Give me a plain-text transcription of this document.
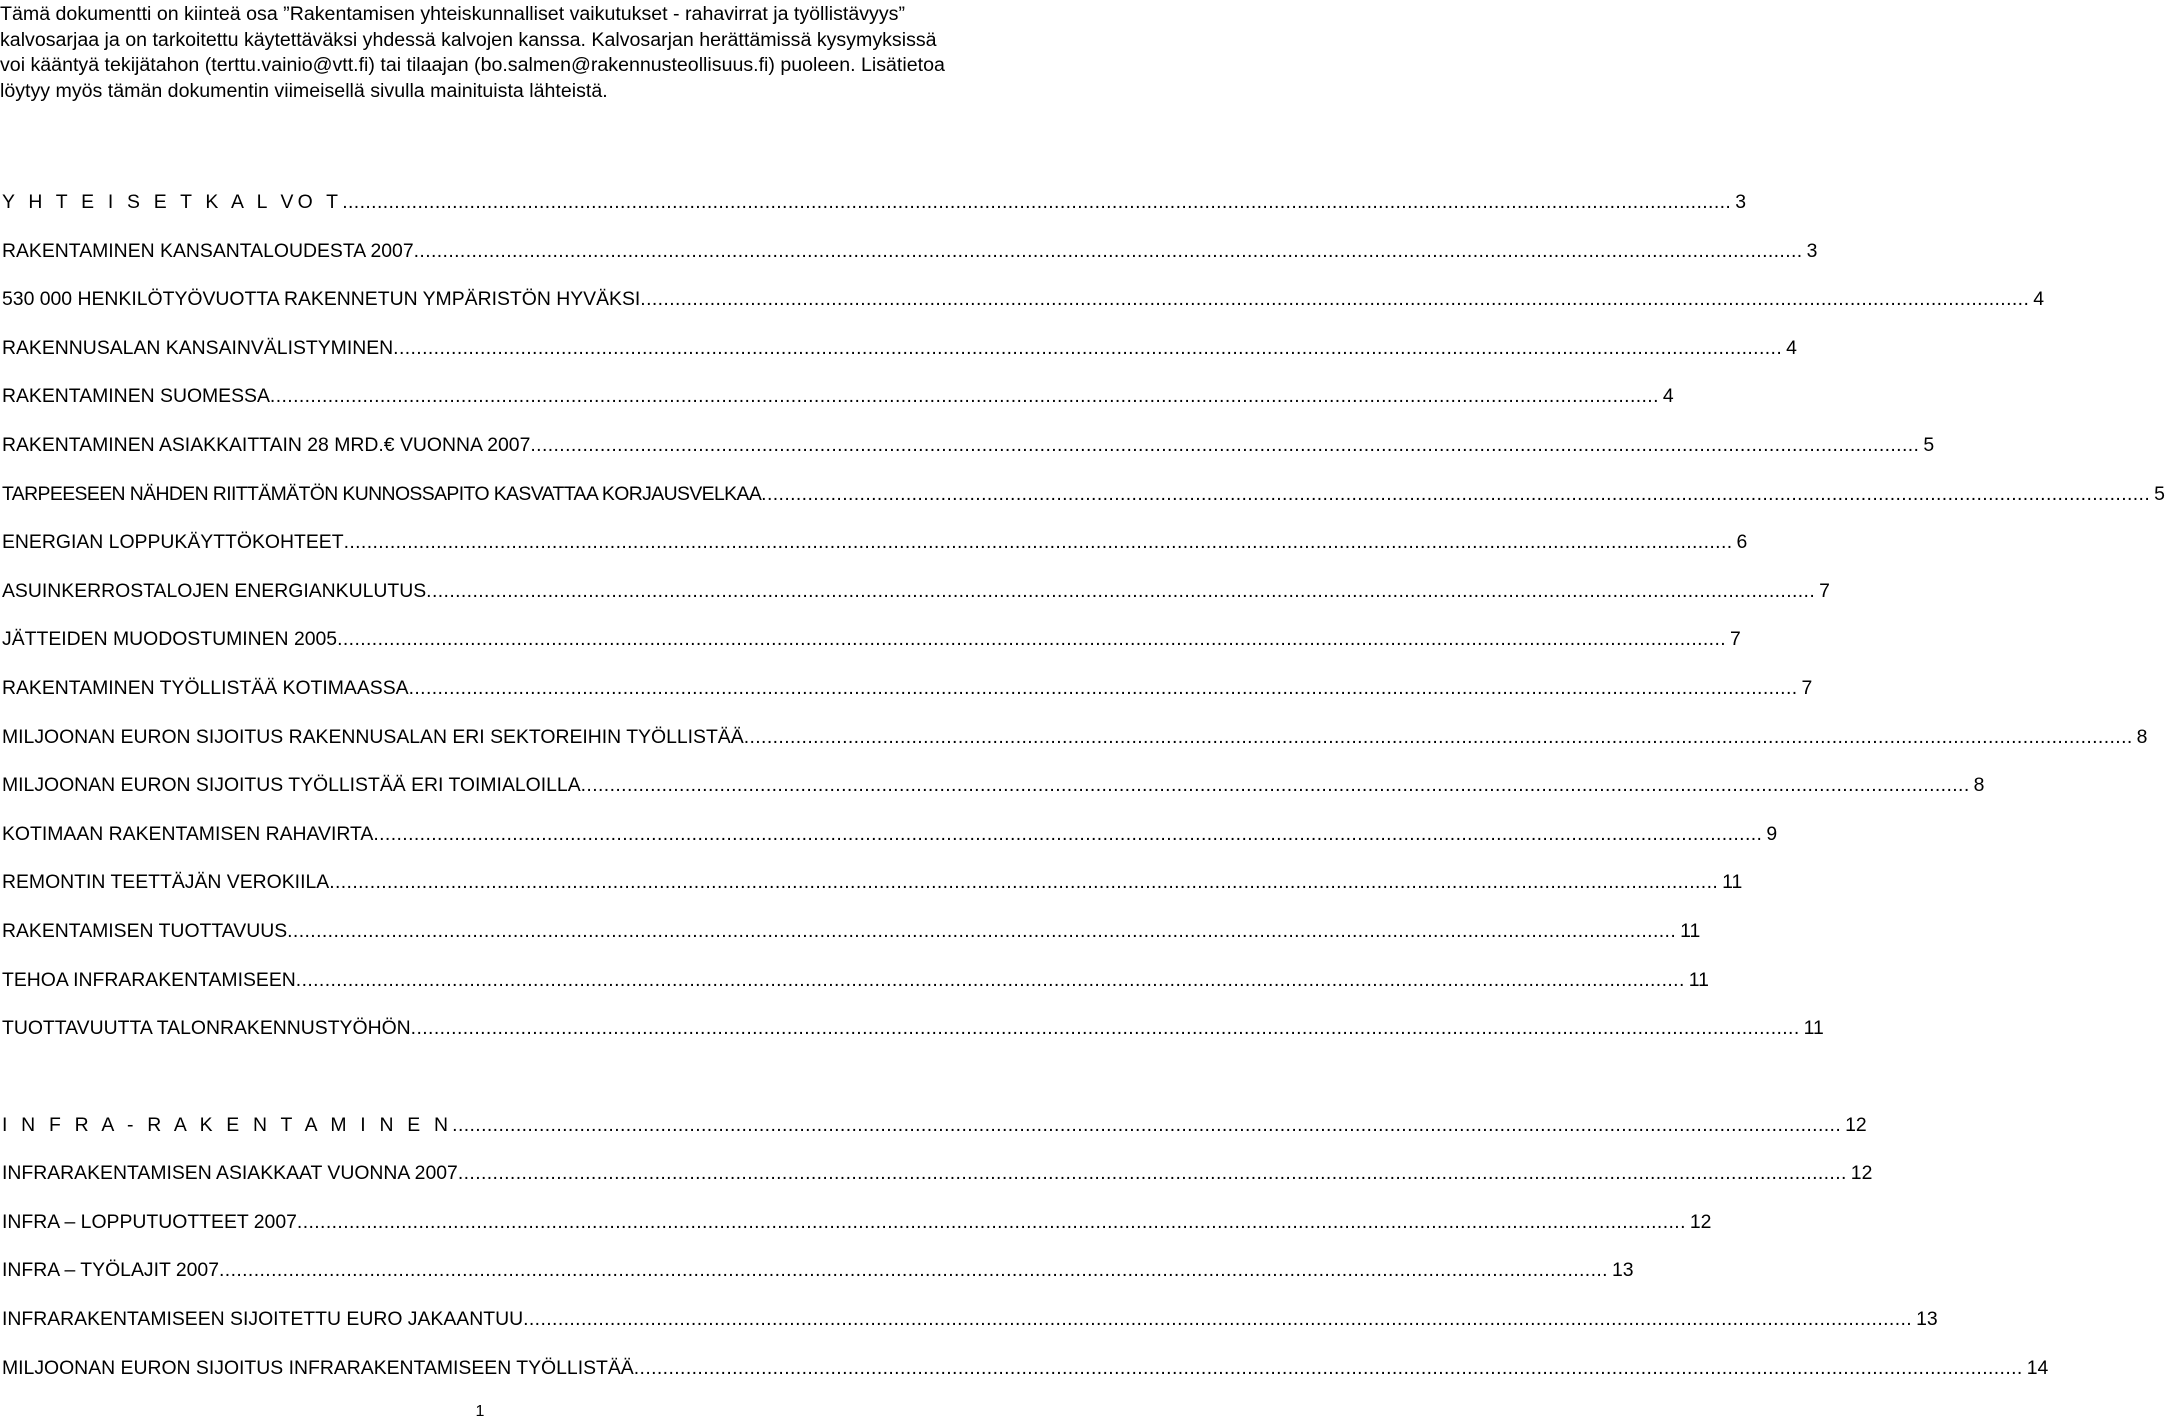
Tämä dokumentti on kiinteä osa ”Rakentamisen yhteiskunnalliset vaikutukset - rahavirrat ja työllistävyys” kalvosarjaa ja on tarkoitettu käytettäväksi yhdessä kalvojen kanssa. Kalvosarjan herättämissä kysymyksissä voi kääntyä tekijätahon (terttu.vainio@vtt.fi) tai tilaajan (bo.salmen@rakennusteollisuus.fi) puoleen. Lisätietoa löytyy myös tämän dokumentin viimeisellä sivulla mainituista lähteistä.

Y H T E I S E T K A L VO T ................................................................................................................................................................................................................................................ 3
RAKENTAMINEN KANSANTALOUDESTA 2007 ................................................................................................................................................................................................................................................ 3
530 000 HENKILÖTYÖVUOTTA RAKENNETUN YMPÄRISTÖN HYVÄKSI ................................................................................................................................................................................................................................................ 4
RAKENNUSALAN KANSAINVÄLISTYMINEN ................................................................................................................................................................................................................................................ 4
RAKENTAMINEN SUOMESSA ................................................................................................................................................................................................................................................ 4
RAKENTAMINEN ASIAKKAITTAIN 28 MRD.€ VUONNA 2007 ................................................................................................................................................................................................................................................ 5
TARPEESEEN NÄHDEN RIITTÄMÄTÖN KUNNOSSAPITO KASVATTAA KORJAUSVELKAA ................................................................................................................................................................................................................................................ 5
ENERGIAN LOPPUKÄYTTÖKOHTEET ................................................................................................................................................................................................................................................ 6
ASUINKERROSTALOJEN ENERGIANKULUTUS ................................................................................................................................................................................................................................................ 7
JÄTTEIDEN MUODOSTUMINEN 2005 ................................................................................................................................................................................................................................................ 7
RAKENTAMINEN TYÖLLISTÄÄ KOTIMAASSA ................................................................................................................................................................................................................................................ 7
MILJOONAN EURON SIJOITUS RAKENNUSALAN ERI SEKTOREIHIN TYÖLLISTÄÄ ................................................................................................................................................................................................................................................ 8
MILJOONAN EURON SIJOITUS TYÖLLISTÄÄ ERI TOIMIALOILLA ................................................................................................................................................................................................................................................ 8
KOTIMAAN RAKENTAMISEN RAHAVIRTA ................................................................................................................................................................................................................................................ 9
REMONTIN TEETTÄJÄN VEROKIILA ................................................................................................................................................................................................................................................ 11
RAKENTAMISEN TUOTTAVUUS ................................................................................................................................................................................................................................................ 11
TEHOA INFRARAKENTAMISEEN ................................................................................................................................................................................................................................................ 11
TUOTTAVUUTTA TALONRAKENNUSTYÖHÖN ................................................................................................................................................................................................................................................ 11
I N F R A - R A K E N T A M I N E N ................................................................................................................................................................................................................................................ 12
INFRARAKENTAMISEN ASIAKKAAT VUONNA 2007 ................................................................................................................................................................................................................................................ 12
INFRA – LOPPUTUOTTEET 2007 ................................................................................................................................................................................................................................................ 12
INFRA – TYÖLAJIT 2007 ................................................................................................................................................................................................................................................ 13
INFRARAKENTAMISEEN SIJOITETTU EURO JAKAANTUU ................................................................................................................................................................................................................................................ 13
MILJOONAN EURON SIJOITUS INFRARAKENTAMISEEN TYÖLLISTÄÄ ................................................................................................................................................................................................................................................ 14
1
